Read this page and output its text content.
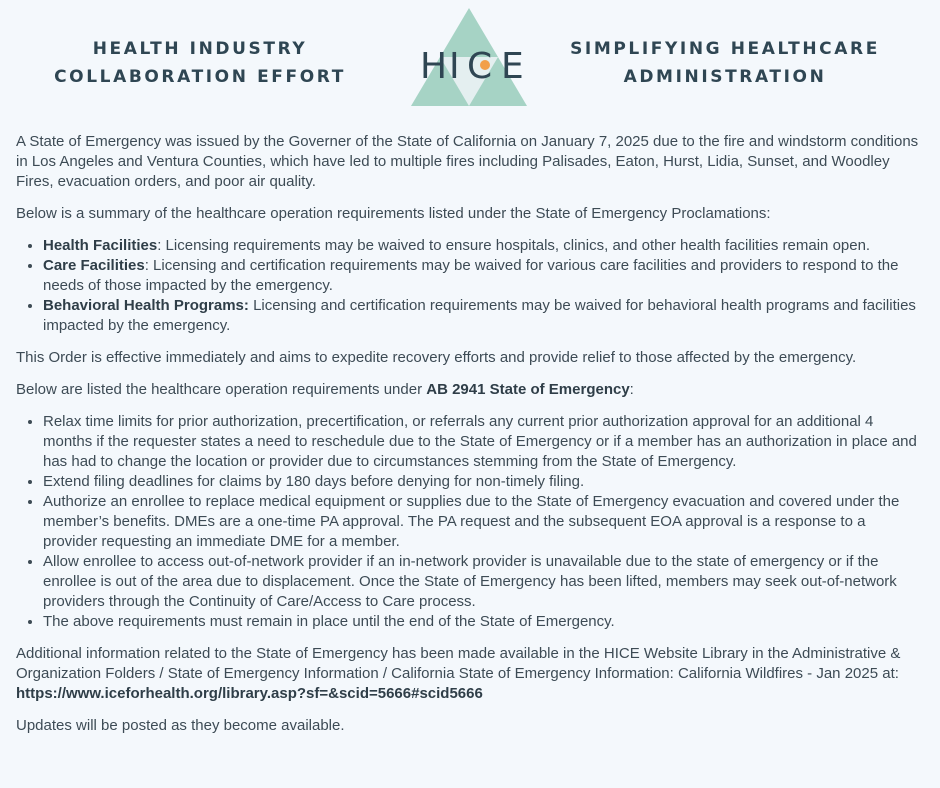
HEALTH INDUSTRY
COLLABORATION EFFORT	H I C E	SIMPLIFYING HEALTHCARE
ADMINISTRATION

A State of Emergency was issued by the Governer of the State of California on January 7, 2025 due to the fire and windstorm conditions in Los Angeles and Ventura Counties, which have led to multiple fires including Palisades, Eaton, Hurst, Lidia, Sunset, and Woodley Fires, evacuation orders, and poor air quality.

Below is a summary of the healthcare operation requirements listed under the State of Emergency Proclamations:

• Health Facilities: Licensing requirements may be waived to ensure hospitals, clinics, and other health facilities remain open.
• Care Facilities: Licensing and certification requirements may be waived for various care facilities and providers to respond to the needs of those impacted by the emergency.
• Behavioral Health Programs: Licensing and certification requirements may be waived for behavioral health programs and facilities impacted by the emergency.

This Order is effective immediately and aims to expedite recovery efforts and provide relief to those affected by the emergency.

Below are listed the healthcare operation requirements under AB 2941 State of Emergency:

• Relax time limits for prior authorization, precertification, or referrals any current prior authorization approval for an additional 4 months if the requester states a need to reschedule due to the State of Emergency or if a member has an authorization in place and has had to change the location or provider due to circumstances stemming from the State of Emergency.
• Extend filing deadlines for claims by 180 days before denying for non-timely filing.
• Authorize an enrollee to replace medical equipment or supplies due to the State of Emergency evacuation and covered under the member’s benefits. DMEs are a one-time PA approval. The PA request and the subsequent EOA approval is a response to a provider requesting an immediate DME for a member.
• Allow enrollee to access out-of-network provider if an in-network provider is unavailable due to the state of emergency or if the enrollee is out of the area due to displacement. Once the State of Emergency has been lifted, members may seek out-of-network providers through the Continuity of Care/Access to Care process.
• The above requirements must remain in place until the end of the State of Emergency.

Additional information related to the State of Emergency has been made available in the HICE Website Library in the Administrative & Organization Folders / State of Emergency Information / California State of Emergency Information: California Wildfires - Jan 2025 at: https://www.iceforhealth.org/library.asp?sf=&scid=5666#scid5666

Updates will be posted as they become available.
